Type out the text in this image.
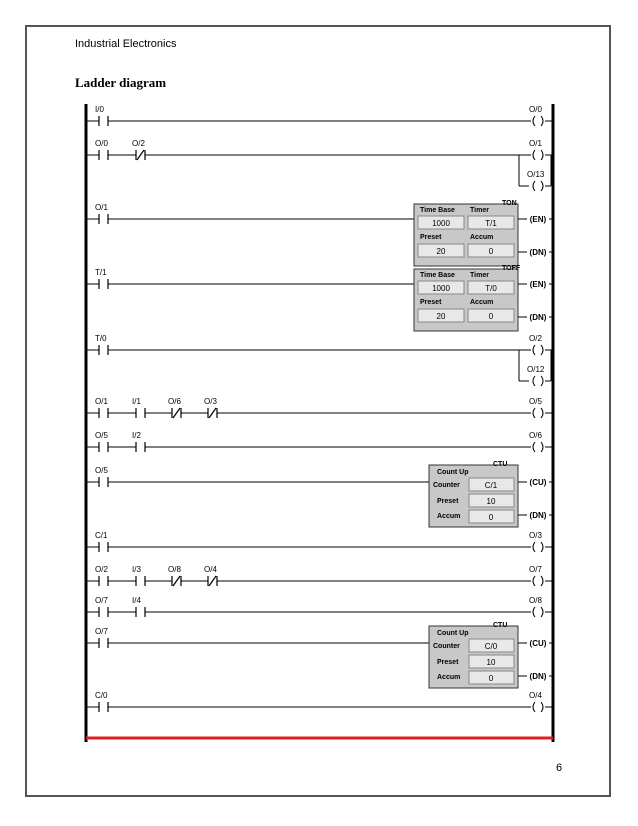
Industrial Electronics
Ladder diagram
I/0	O/0
O/0	O/2	O/1
O/13
O/1	TON
Time Base Timer
1000	T/1
Preset	Accum
20	0
(EN)
(DN)
T/1	TOFF
Time Base Timer
1000	T/0
Preset	Accum
20	0
(EN)
(DN)
T/0	O/2
O/12
O/1	I/1	O/6	O/3	O/5
O/5	I/2	O/6
O/5
CTU
Count Up
Counter	C/1
Preset	10
Accum	0
(CU)
(DN)
C/1	O/3
O/2	I/3	O/8	O/4	O/7
O/7	I/4	O/8
O/7
CTU
Count Up
Counter	C/0
Preset	10
Accum	0
(CU)
(DN)
C/0	O/4
6
